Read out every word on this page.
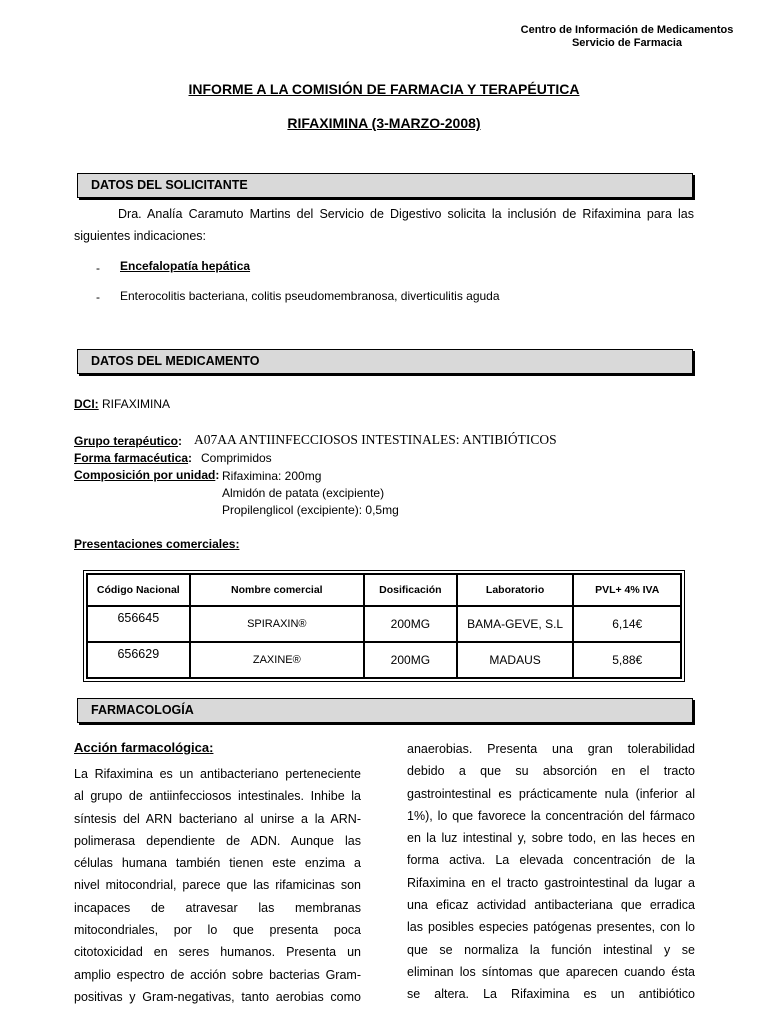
Centro de Información de Medicamentos
Servicio de Farmacia
INFORME A LA COMISIÓN DE FARMACIA Y TERAPÉUTICA
RIFAXIMINA (3-MARZO-2008)
DATOS DEL SOLICITANTE
Dra. Analía Caramuto Martins del Servicio de Digestivo solicita la inclusión de Rifaximina para las
siguientes indicaciones:
- Encefalopatía hepática
- Enterocolitis bacteriana, colitis pseudomembranosa, diverticulitis aguda
DATOS DEL MEDICAMENTO
DCI: RIFAXIMINA
Grupo terapéutico: A07AA ANTIINFECCIOSOS INTESTINALES: ANTIBIÓTICOS
Forma farmacéutica: Comprimidos
Composición por unidad: Rifaximina: 200mg
Almidón de patata (excipiente)
Propilenglicol (excipiente): 0,5mg
Presentaciones comerciales:
Código Nacional	Nombre comercial	Dosificación	Laboratorio	PVL+ 4% IVA
656645	SPIRAXIN®	200MG	BAMA-GEVE, S.L	6,14€
656629	ZAXINE®	200MG	MADAUS	5,88€
FARMACOLOGÍA
Acción farmacológica:
La Rifaximina es un antibacteriano perteneciente
al grupo de antiinfecciosos intestinales. Inhibe la
síntesis del ARN bacteriano al unirse a la ARN-
polimerasa dependiente de ADN. Aunque las
células humana también tienen este enzima a
nivel mitocondrial, parece que las rifamicinas son
incapaces de atravesar las membranas
mitocondriales, por lo que presenta poca
citotoxicidad en seres humanos. Presenta un
amplio espectro de acción sobre bacterias Gram-
positivas y Gram-negativas, tanto aerobias como
anaerobias. Presenta una gran tolerabilidad
debido a que su absorción en el tracto
gastrointestinal es prácticamente nula (inferior al
1%), lo que favorece la concentración del fármaco
en la luz intestinal y, sobre todo, en las heces en
forma activa. La elevada concentración de la
Rifaximina en el tracto gastrointestinal da lugar a
una eficaz actividad antibacteriana que erradica
las posibles especies patógenas presentes, con lo
que se normaliza la función intestinal y se
eliminan los síntomas que aparecen cuando ésta
se altera. La Rifaximina es un antibiótico
